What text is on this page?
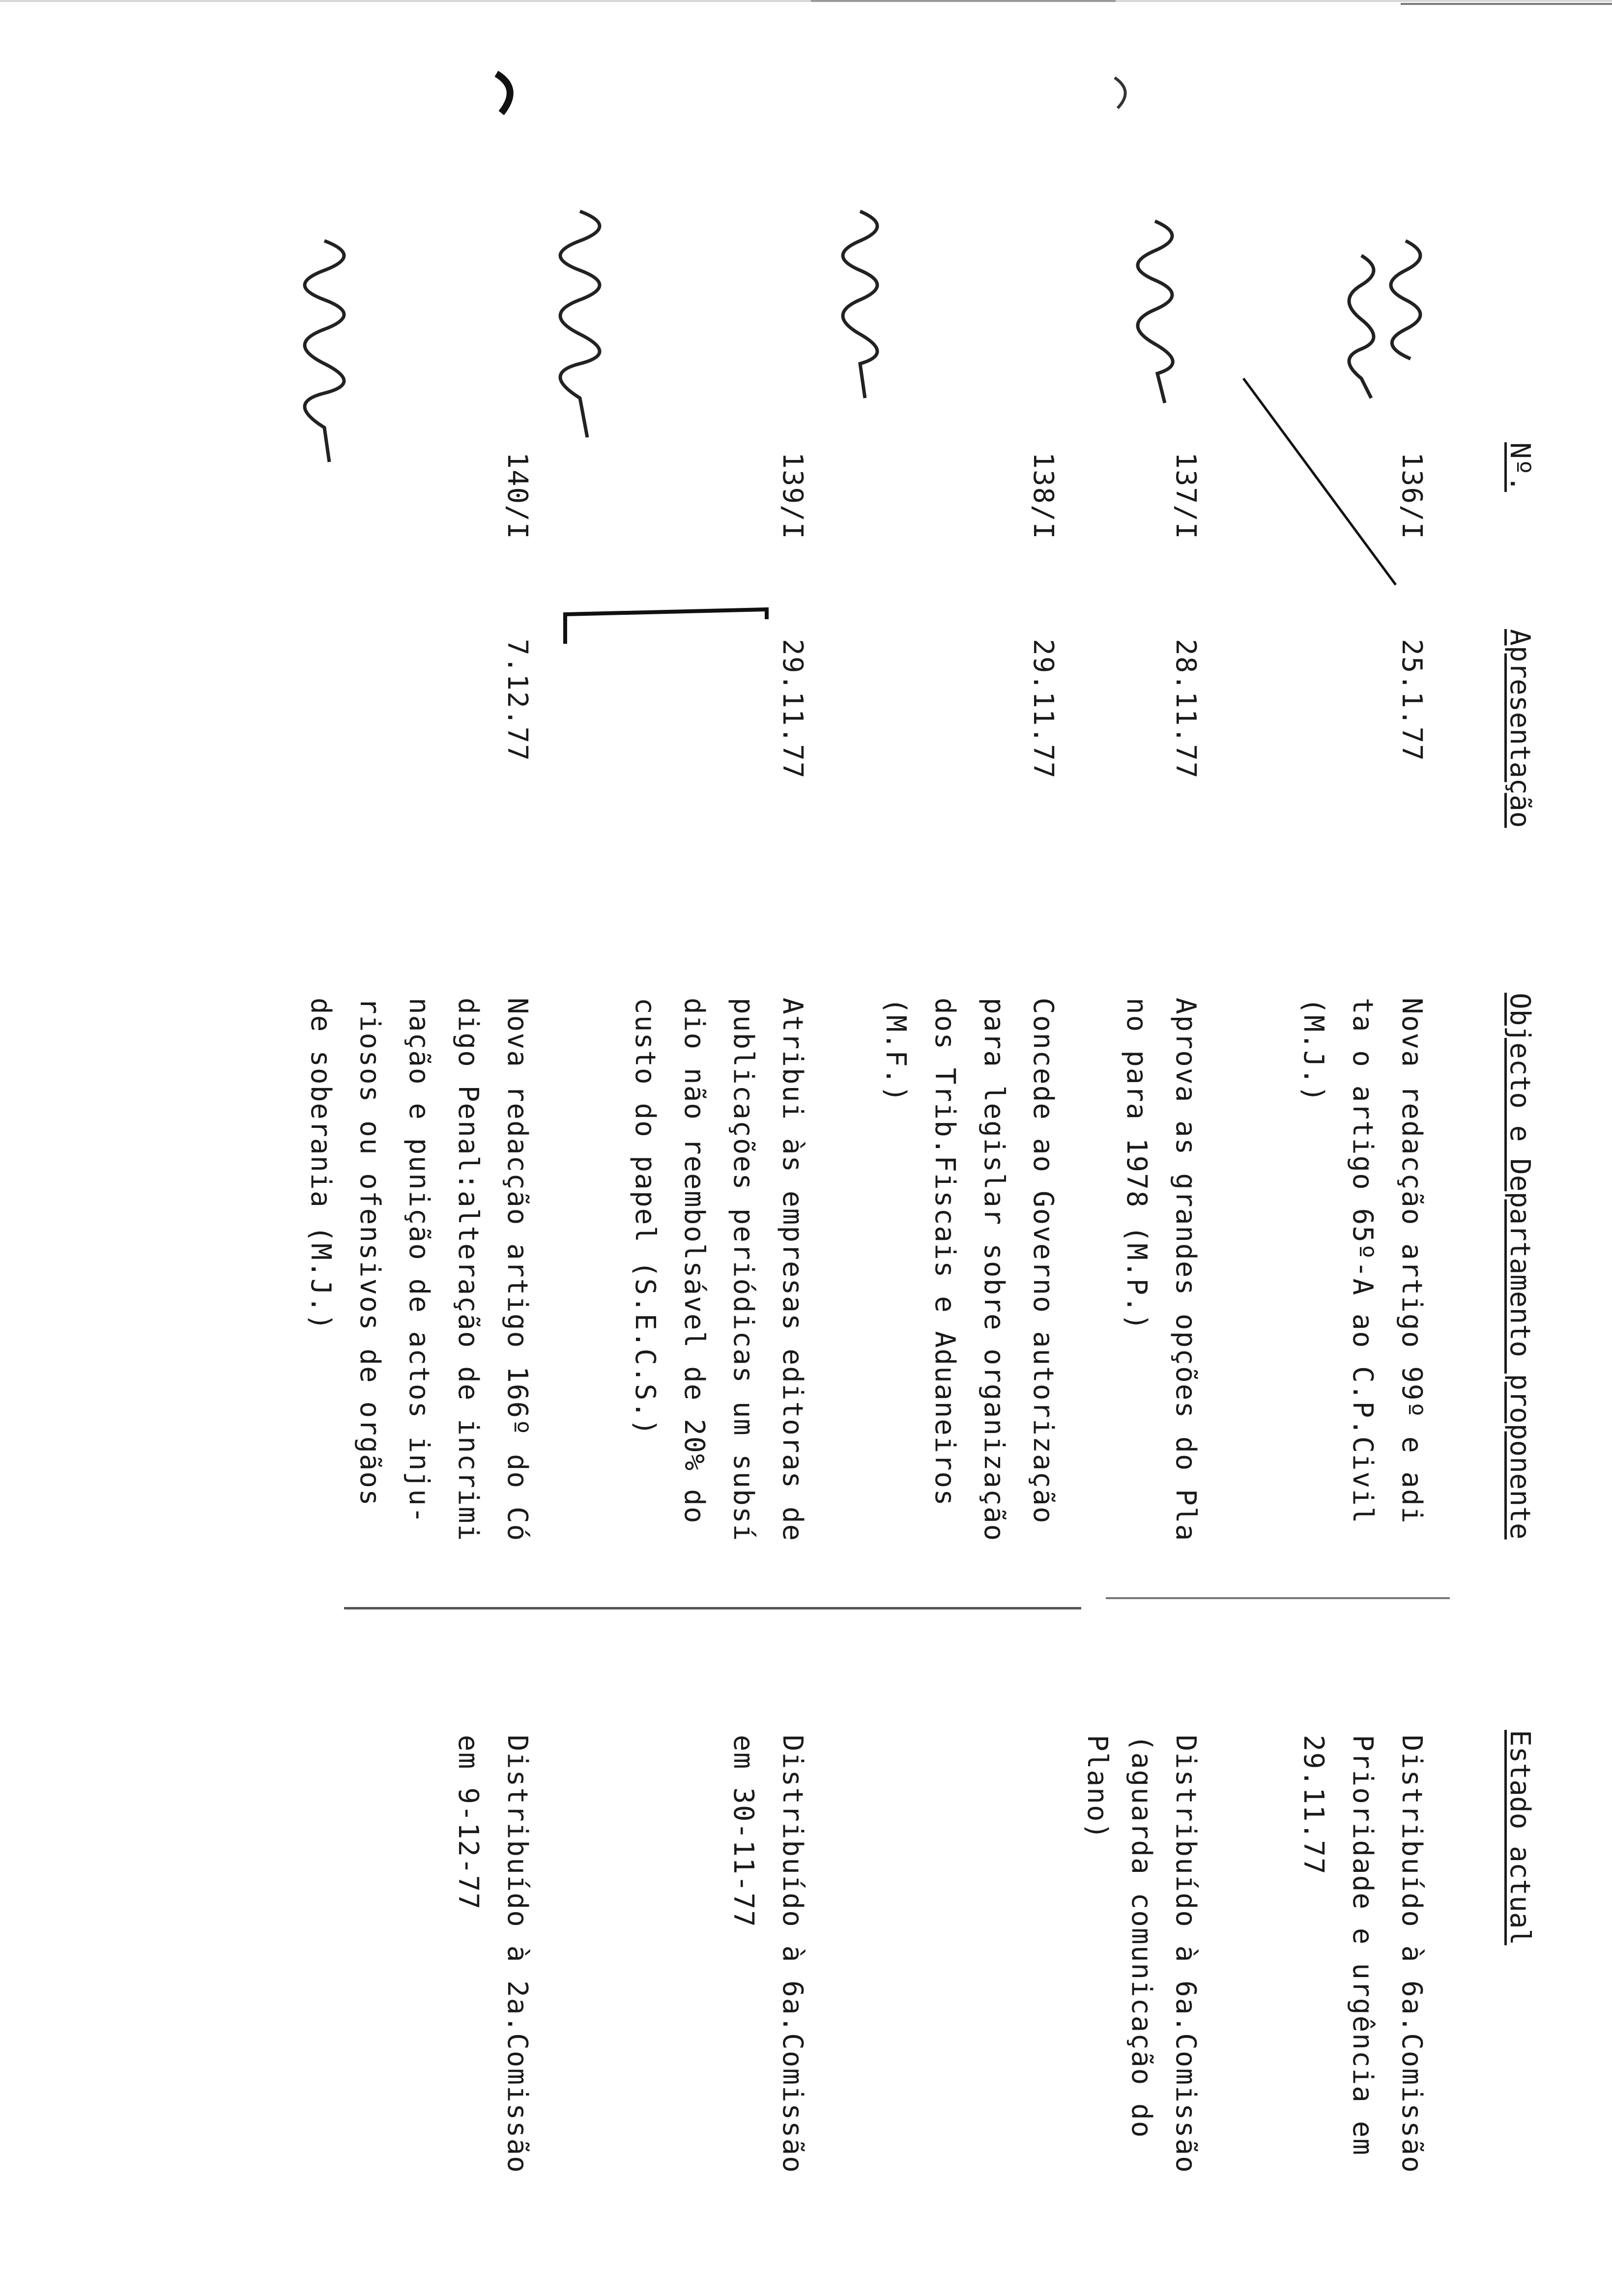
Nº.
Apresentação
Objecto e Departamento proponente
Estado actual
136/I
25.1.77
Nova redacção artigo 99º e adi
ta o artigo 65º-A ao C.P.Civil
(M.J.)
Distribuído à 6a.Comissão
Prioridade e urgência em
29.11.77
137/I
28.11.77
Aprova as grandes opções do Pla
no para 1978 (M.P.)
Distribuído à 6a.Comissão
(aguarda comunicação do
Plano)
138/I
29.11.77
Concede ao Governo autorização
para legislar sobre organização
dos Trib.Fiscais e Aduaneiros
(M.F.)
139/I
29.11.77
Atribui às empresas editoras de
publicações periódicas um subsí
dio não reembolsável de 20% do
custo do papel (S.E.C.S.)
Distribuído à 6a.Comissão
em 30-11-77
140/I
7.12.77
Nova redacção artigo 166º do Có
digo Penal:alteração de incrimi
nação e punição de actos inju-
riosos ou ofensivos de orgãos
de soberania (M.J.)
Distribuído à 2a.Comissão
em 9-12-77
